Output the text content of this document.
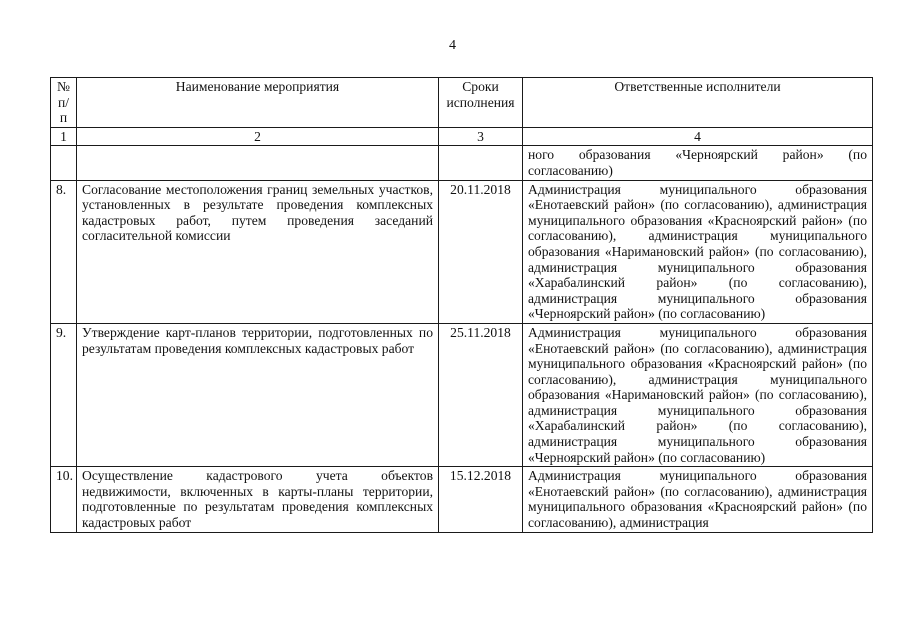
4
№ п/п	Наименование мероприятия	Сроки исполнения	Ответственные исполнители
1	2	3	4
			ного образования «Черноярский район» (по согласованию)
8.	Согласование местоположения границ земельных участков, установленных в результате проведения комплексных кадастровых работ, путем проведения заседаний согласительной комиссии	20.11.2018	Администрация муниципального образования «Енотаевский район» (по согласованию), администрация муниципального образования «Красноярский район» (по согласованию), администрация муниципального образования «Наримановский район» (по согласованию), администрация муниципального образования «Харабалинский район» (по согласованию), администрация муниципального образования «Черноярский район» (по согласованию)
9.	Утверждение карт-планов территории, подготовленных по результатам проведения комплексных кадастровых работ	25.11.2018	Администрация муниципального образования «Енотаевский район» (по согласованию), администрация муниципального образования «Красноярский район» (по согласованию), администрация муниципального образования «Наримановский район» (по согласованию), администрация муниципального образования «Харабалинский район» (по согласованию), администрация муниципального образования «Черноярский район» (по согласованию)
10.	Осуществление кадастрового учета объектов недвижимости, включенных в карты-планы территории, подготовленные по результатам проведения комплексных кадастровых работ	15.12.2018	Администрация муниципального образования «Енотаевский район» (по согласованию), администрация муниципального образования «Красноярский район» (по согласованию), администрация
